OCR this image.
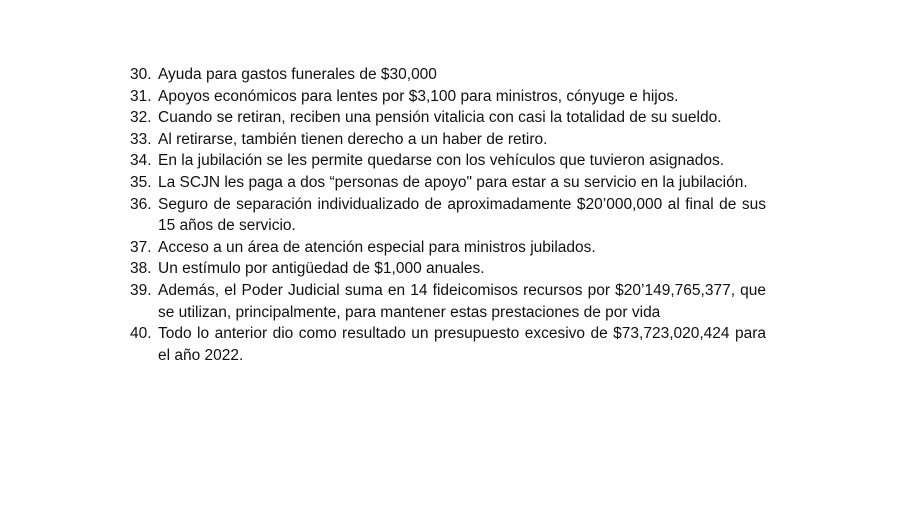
30. Ayuda para gastos funerales de $30,000
31. Apoyos económicos para lentes por $3,100 para ministros, cónyuge e hijos.
32. Cuando se retiran, reciben una pensión vitalicia con casi la totalidad de su sueldo.
33. Al retirarse, también tienen derecho a un haber de retiro.
34. En la jubilación se les permite quedarse con los vehículos que tuvieron asignados.
35. La SCJN les paga a dos “personas de apoyo" para estar a su servicio en la jubilación.
36. Seguro de separación individualizado de aproximadamente $20’000,000 al final de sus 15 años de servicio.
37. Acceso a un área de atención especial para ministros jubilados.
38. Un estímulo por antigüedad de $1,000 anuales.
39. Además, el Poder Judicial suma en 14 fideicomisos recursos por $20’149,765,377, que se utilizan, principalmente, para mantener estas prestaciones de por vida
40. Todo lo anterior dio como resultado un presupuesto excesivo de $73,723,020,424 para el año 2022.
